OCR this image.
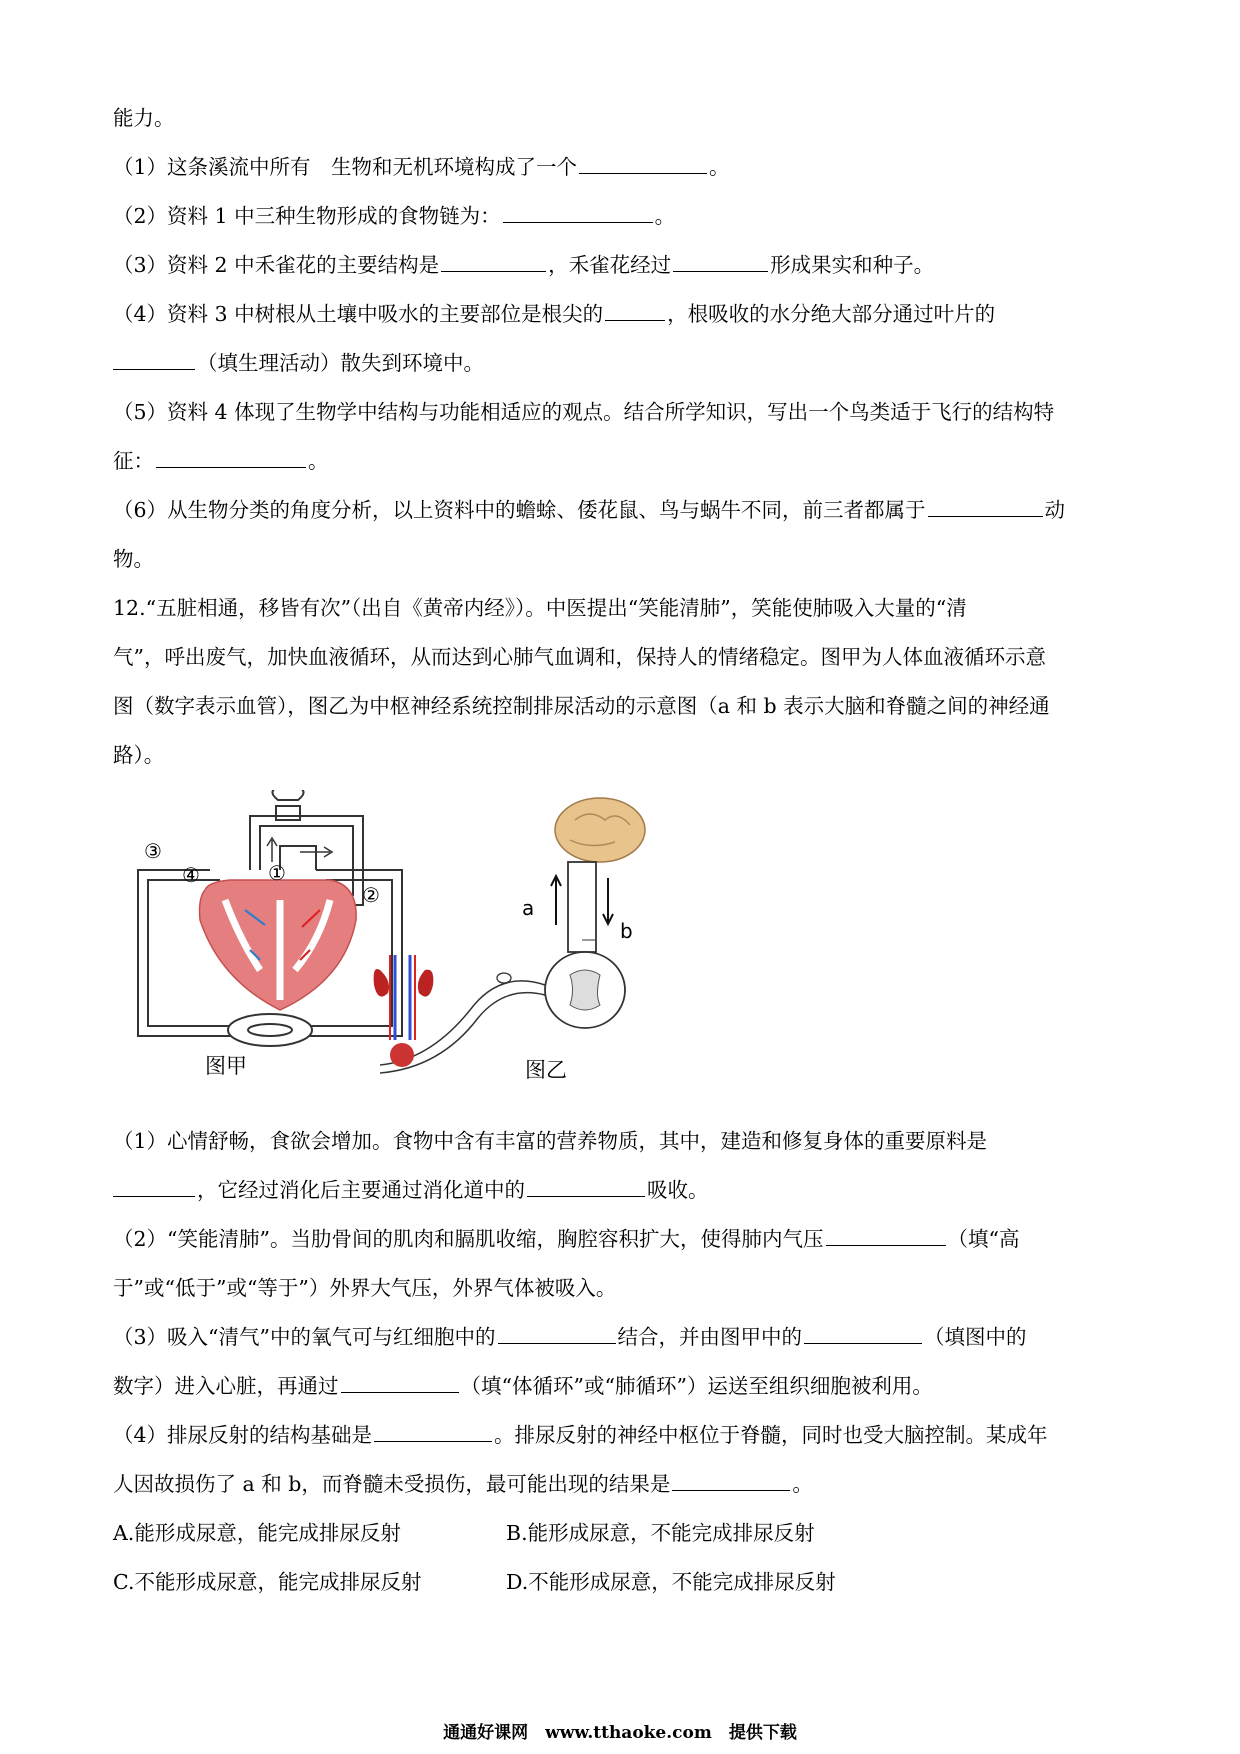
能力。
（1）这条溪流中所有　生物和无机环境构成了一个	。
（2）资料 1 中三种生物形成的食物链为：	。
（3）资料 2 中禾雀花的主要结构是	，禾雀花经过	形成果实和种子。
（4）资料 3 中树根从土壤中吸水的主要部位是根尖的	，根吸收的水分绝大部分通过叶片的
（填生理活动）散失到环境中。
（5）资料 4 体现了生物学中结构与功能相适应的观点。结合所学知识，写出一个鸟类适于飞行的结构特
征：	。
（6）从生物分类的角度分析，以上资料中的蟾蜍、倭花鼠、鸟与蜗牛不同，前三者都属于	动
物。
12.“五脏相通，移皆有次”（出自《黄帝内经》）。中医提出“笑能清肺”，笑能使肺吸入大量的“清
气”，呼出废气，加快血液循环，从而达到心肺气血调和，保持人的情绪稳定。图甲为人体血液循环示意
图（数字表示血管），图乙为中枢神经系统控制排尿活动的示意图（a 和 b 表示大脑和脊髓之间的神经通
路）。
③
④	①
②
a
b
图甲	图乙
（1）心情舒畅，食欲会增加。食物中含有丰富的营养物质，其中，建造和修复身体的重要原料是
，它经过消化后主要通过消化道中的	吸收。
（2）“笑能清肺”。当肋骨间的肌肉和膈肌收缩，胸腔容积扩大，使得肺内气压	（填“高
于”或“低于”或“等于”）外界大气压，外界气体被吸入。
（3）吸入“清气”中的氧气可与红细胞中的	结合，并由图甲中的	（填图中的
数字）进入心脏，再通过	（填“体循环”或“肺循环”）运送至组织细胞被利用。
（4）排尿反射的结构基础是	。排尿反射的神经中枢位于脊髓，同时也受大脑控制。某成年
人因故损伤了 a 和 b，而脊髓未受损伤，最可能出现的结果是	。
A.能形成尿意，能完成排尿反射	B.能形成尿意，不能完成排尿反射
C.不能形成尿意，能完成排尿反射	D.不能形成尿意，不能完成排尿反射
通通好课网　www.tthaoke.com　提供下载
